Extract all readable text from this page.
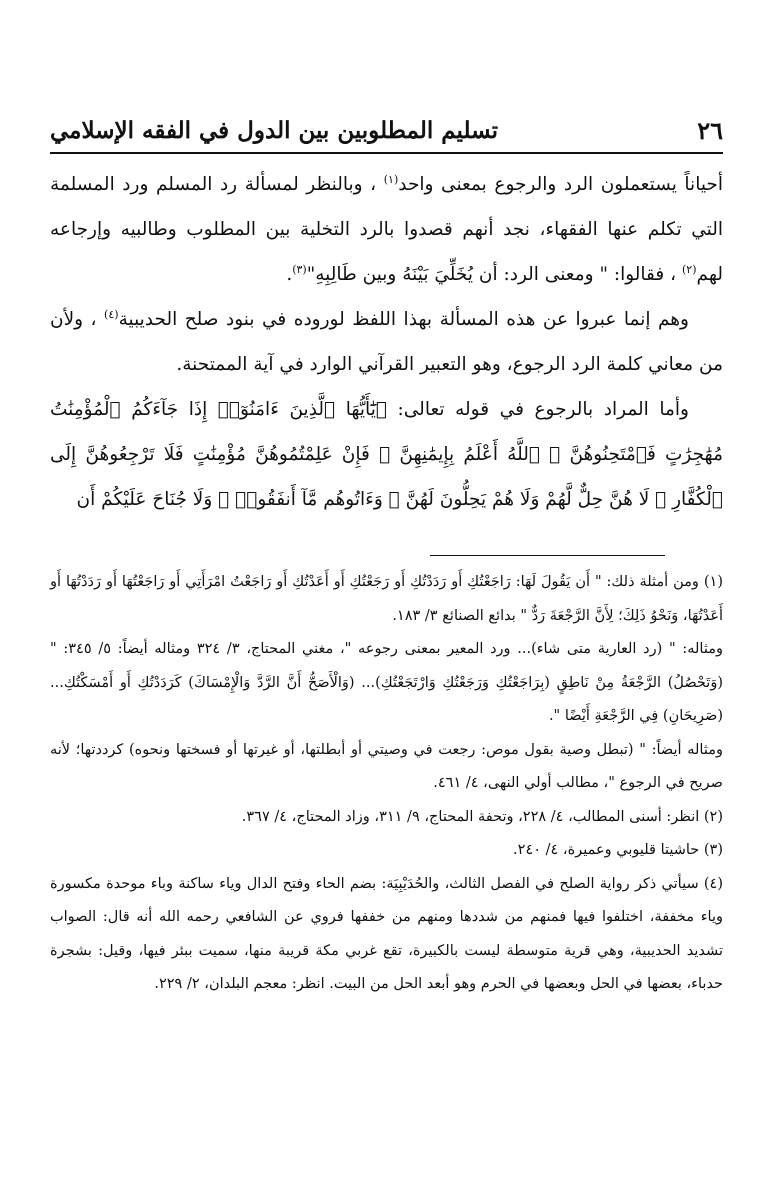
٢٦
تسليم المطلوبين بين الدول في الفقه الإسلامي

أحياناً يستعملون الرد والرجوع بمعنى واحد$^{(١)}$ ، وبالنظر لمسألة رد المسلم ورد المسلمة التي تكلم عنها الفقهاء، نجد أنهم قصدوا بالرد التخلية بين المطلوب وطالبيه وإرجاعه لهم$^{(٢)}$ ، فقالوا: " ومعنى الرد: أن يُخَلِّيَ بَيْنَهُ وبين طَالِبِهِ"$^{(٣)}$.

وهم إنما عبروا عن هذه المسألة بهذا اللفظ لوروده في بنود صلح الحديبية$^{(٤)}$ ، ولأن من معاني كلمة الرد الرجوع، وهو التعبير القرآني الوارد في آية الممتحنة.

وأما المراد بالرجوع في قوله تعالى: ﴿يَٰٓأَيُّهَا ٱلَّذِينَ ءَامَنُوٓا۟ إِذَا جَآءَكُمُ ٱلْمُؤْمِنَٰتُ مُهَٰجِرَٰتٍ فَٱمْتَحِنُوهُنَّ ۖ ٱللَّهُ أَعْلَمُ بِإِيمَٰنِهِنَّ ۖ فَإِنْ عَلِمْتُمُوهُنَّ مُؤْمِنَٰتٍ فَلَا تَرْجِعُوهُنَّ إِلَى ٱلْكُفَّارِ ۖ لَا هُنَّ حِلٌّ لَّهُمْ وَلَا هُمْ يَحِلُّونَ لَهُنَّ ۖ وَءَاتُوهُم مَّآ أَنفَقُوا۟ ۚ وَلَا جُنَاحَ عَلَيْكُمْ أَن

(١) ومن أمثلة ذلك: " أَن يَقُولَ لَهَا: رَاجَعْتُكِ أَو رَدَدْتُكِ أَو رَجَعْتُكِ أَو أَعَدْتُكِ أَو رَاجَعْتُ امْرَأَتِي أَو رَاجَعْتُهَا أَو رَدَدْتُهَا أَو أَعَدْتُهَا، وَنَحْوُ ذَلِكَ؛ لِأَنَّ الرَّجْعَةَ رَدٌّ " بدائع الصنائع ٣/ ١٨٣.

ومثاله: " (رد العارية متى شاء)... ورد المعير بمعنى رجوعه "، مغني المحتاج، ٣/ ٣٢٤ ومثاله أيضاً: ٥/ ٣٤٥: " (وَتَحْصُلُ) الرَّجْعَةُ مِنْ نَاطِقٍ (بِرَاجَعْتُكِ وَرَجَعْتُكِ وَارْتَجَعْتُكِ)... (وَالْأَصَحُّ أَنَّ الرَّدَّ وَالْإِمْسَاكَ) كَرَدَدْتُكِ أَو أَمْسَكْتُكِ... (صَرِيحَانِ) فِي الرَّجْعَةِ أَيْضًا ".

ومثاله أيضاً: " (تبطل وصية بقول موص: رجعت في وصيتي أو أبطلتها، أو غيرتها أو فسختها ونحوه) كرددتها؛ لأنه صريح في الرجوع "، مطالب أولي النهى، ٤/ ٤٦١.

(٢) انظر: أسنى المطالب، ٤/ ٢٢٨، وتحفة المحتاج، ٩/ ٣١١، وزاد المحتاج، ٤/ ٣٦٧.

(٣) حاشيتا قليوبي وعميرة، ٤/ ٢٤٠.

(٤) سيأتي ذكر رواية الصلح في الفصل الثالث، والحُدَيْبِيَة: بضم الحاء وفتح الدال وياء ساكنة وباء موحدة مكسورة وياء مخففة، اختلفوا فيها فمنهم من شددها ومنهم من خففها فروي عن الشافعي رحمه الله أنه قال: الصواب تشديد الحديبية، وهي قرية متوسطة ليست بالكبيرة، تقع غربي مكة قريبة منها، سميت ببئر فيها، وقيل: بشجرة حدباء، بعضها في الحل وبعضها في الحرم وهو أبعد الحل من البيت. انظر: معجم البلدان، ٢/ ٢٢٩.
